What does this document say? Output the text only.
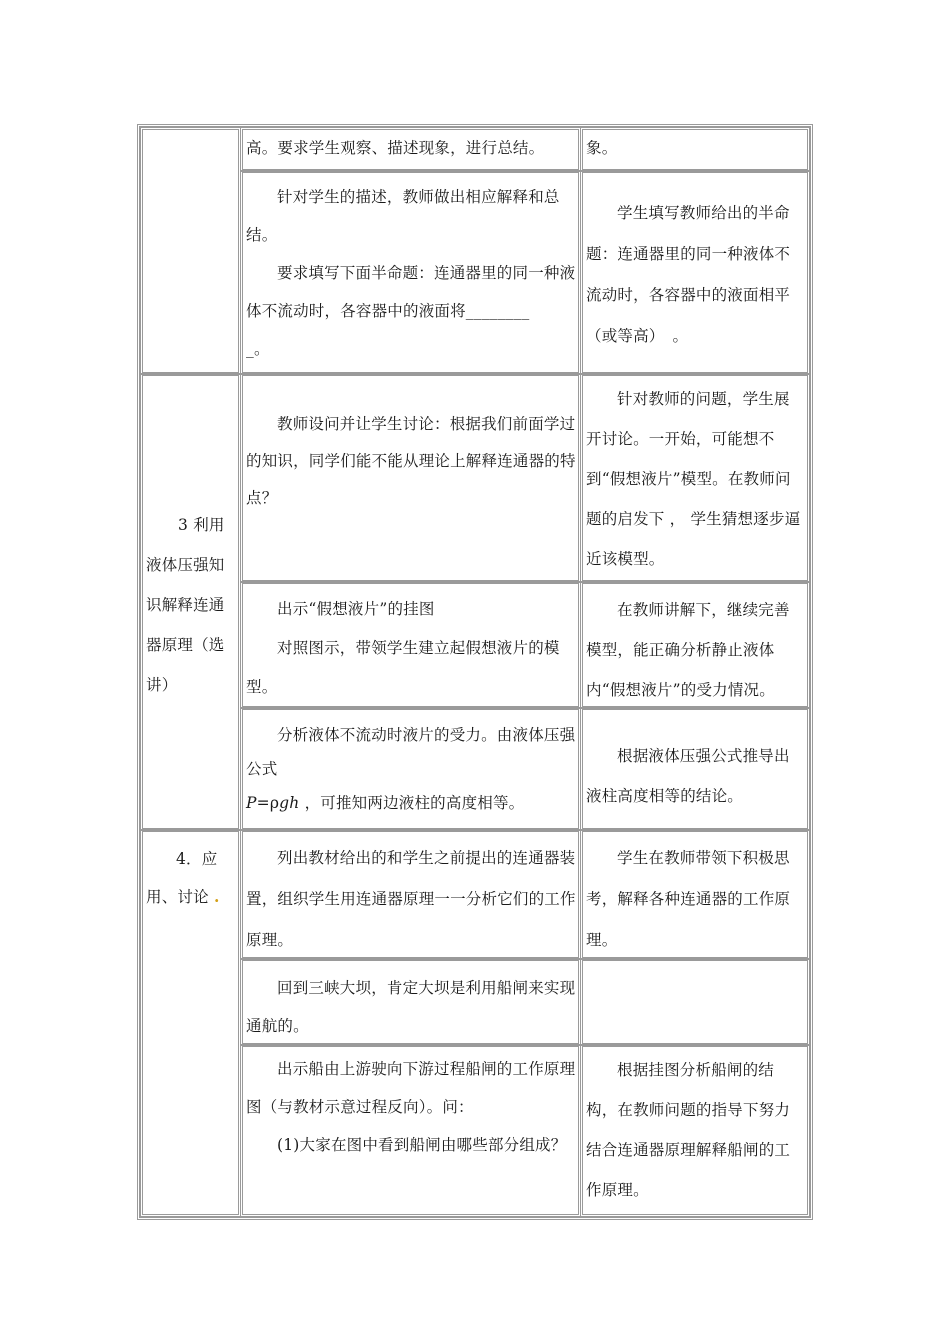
高。要求学生观察、描述现象，进行总结。	象。

针对学生的描述，教师做出相应解释和总结。

要求填写下面半命题：连通器里的同一种液体不流动时，各容器中的液面将________

_。

学生填写教师给出的半命题：连通器里的同一种液体不流动时，各容器中的液面相平（或等高）　。

3 利用

液体压强知

识解释连通

器原理（选

讲）

教师设问并让学生讨论：根据我们前面学过的知识，同学们能不能从理论上解释连通器的特点？

针对教师的问题，学生展开讨论。一开始，可能想不到“假想液片”模型。在教师问题的启发下 ， 学生猜想逐步逼近该模型。

出示“假想液片”的挂图

对照图示，带领学生建立起假想液片的模型。

在教师讲解下，继续完善模型，能正确分析静止液体内“假想液片”的受力情况。

分析液体不流动时液片的受力。由液体压强公式

P=ρgh ，可推知两边液柱的高度相等。

根据液体压强公式推导出液柱高度相等的结论。

4．应

用、讨论 .

列出教材给出的和学生之前提出的连通器装置，组织学生用连通器原理一一分析它们的工作原理。

学生在教师带领下积极思考，解释各种连通器的工作原理。

回到三峡大坝，肯定大坝是利用船闸来实现通航的。

出示船由上游驶向下游过程船闸的工作原理图（与教材示意过程反向）。问：

(1)大家在图中看到船闸由哪些部分组成？

根据挂图分析船闸的结构，在教师问题的指导下努力结合连通器原理解释船闸的工作原理。
